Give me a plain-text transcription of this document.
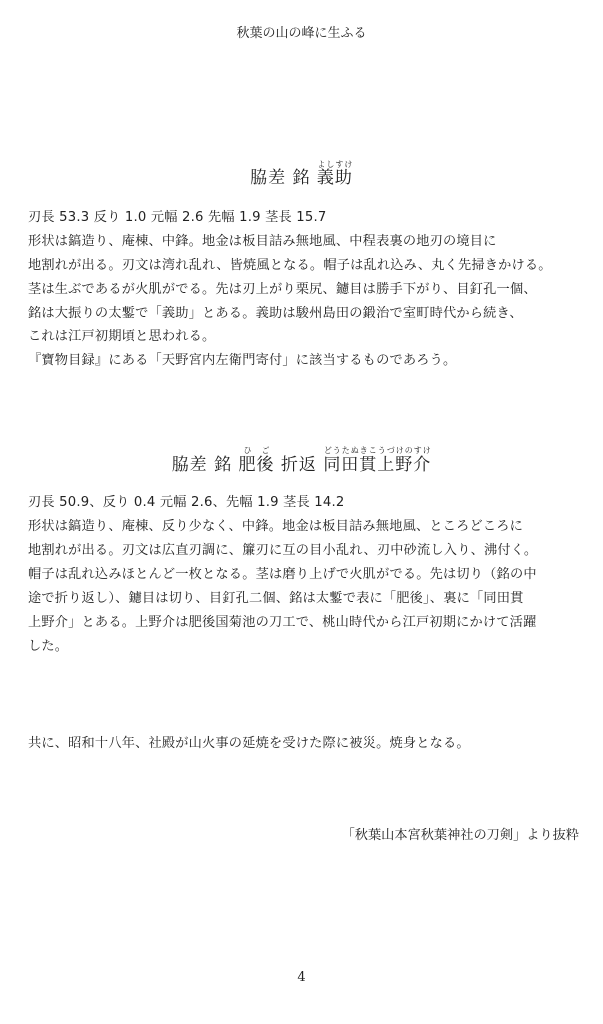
秋葉の山の峰に生ふる
脇差 銘 義助よしすけ
刃長 53.3 反り 1.0 元幅 2.6 先幅 1.9 茎長 15.7
形状は鎬造り、庵棟、中鋒。地金は板目詰み無地風、中程表裏の地刃の境目に
地割れが出る。刃文は湾れ乱れ、皆焼風となる。帽子は乱れ込み、丸く先掃きかける。
茎は生ぶであるが火肌がでる。先は刃上がり栗尻、鑢目は勝手下がり、目釘孔一個、
銘は大振りの太鏨で「義助」とある。義助は駿州島田の鍛治で室町時代から続き、
これは江戸初期頃と思われる。
『寶物目録』にある「天野宮内左衛門寄付」に該当するものであろう。
脇差 銘 肥後ひご 折返​ 同田貫上野介どうたぬきこうづけのすけ
刃長 50.9、反り 0.4 元幅 2.6、先幅 1.9 茎長 14.2
形状は鎬造り、庵棟、反り少なく、中鋒。地金は板目詰み無地風、ところどころに
地割れが出る。刃文は広直刃調に、簾刃に互の目小乱れ、刃中砂流し入り、沸付く。
帽子は乱れ込みほとんど一枚となる。茎は磨り上げで火肌がでる。先は切り（銘の中
途で折り返し）、鑢目は切り、目釘孔二個、銘は太鏨で表に「肥後」、裏に「同田貫
上野介」とある。上野介は肥後国菊池の刀工で、桃山時代から江戸初期にかけて活躍
した。
共に、昭和十八年、社殿が山火事の延焼を受けた際に被災。焼身となる。
「秋葉山本宮秋葉神社の刀剣」より抜粋
4
